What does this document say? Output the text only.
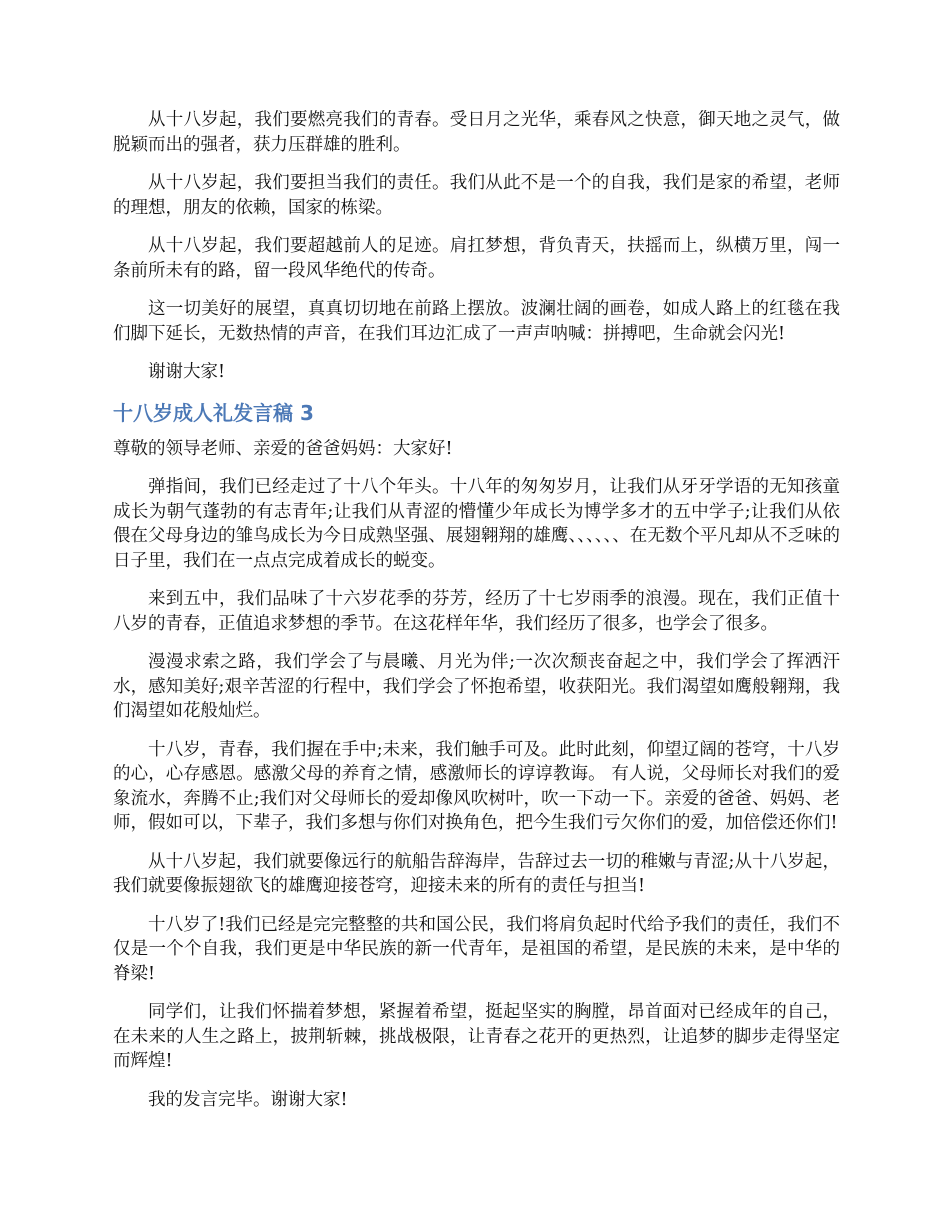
从十八岁起，我们要燃亮我们的青春。受日月之光华，乘春风之快意，御天地之灵气，做脱颖而出的强者，获力压群雄的胜利。

从十八岁起，我们要担当我们的责任。我们从此不是一个的自我，我们是家的希望，老师的理想，朋友的依赖，国家的栋梁。

从十八岁起，我们要超越前人的足迹。肩扛梦想，背负青天，扶摇而上，纵横万里，闯一条前所未有的路，留一段风华绝代的传奇。

这一切美好的展望，真真切切地在前路上摆放。波澜壮阔的画卷，如成人路上的红毯在我们脚下延长，无数热情的声音，在我们耳边汇成了一声声呐喊：拼搏吧，生命就会闪光!

谢谢大家!

十八岁成人礼发言稿 3

尊敬的领导老师、亲爱的爸爸妈妈：大家好!

弹指间，我们已经走过了十八个年头。十八年的匆匆岁月，让我们从牙牙学语的无知孩童成长为朝气蓬勃的有志青年;让我们从青涩的懵懂少年成长为博学多才的五中学子;让我们从依偎在父母身边的雏鸟成长为今日成熟坚强、展翅翱翔的雄鹰、、、、、、在无数个平凡却从不乏味的日子里，我们在一点点完成着成长的蜕变。

来到五中，我们品味了十六岁花季的芬芳，经历了十七岁雨季的浪漫。现在，我们正值十八岁的青春，正值追求梦想的季节。在这花样年华，我们经历了很多，也学会了很多。

漫漫求索之路，我们学会了与晨曦、月光为伴;一次次颓丧奋起之中，我们学会了挥洒汗水，感知美好;艰辛苦涩的行程中，我们学会了怀抱希望，收获阳光。我们渴望如鹰般翱翔，我们渴望如花般灿烂。

十八岁，青春，我们握在手中;未来，我们触手可及。此时此刻，仰望辽阔的苍穹，十八岁的心，心存感恩。感激父母的养育之情，感激师长的谆谆教诲。 有人说，父母师长对我们的爱象流水，奔腾不止;我们对父母师长的爱却像风吹树叶，吹一下动一下。亲爱的爸爸、妈妈、老师，假如可以，下辈子，我们多想与你们对换角色，把今生我们亏欠你们的爱，加倍偿还你们!

从十八岁起，我们就要像远行的航船告辞海岸，告辞过去一切的稚嫩与青涩;从十八岁起，我们就要像振翅欲飞的雄鹰迎接苍穹，迎接未来的所有的责任与担当!

十八岁了!我们已经是完完整整的共和国公民，我们将肩负起时代给予我们的责任，我们不仅是一个个自我，我们更是中华民族的新一代青年，是祖国的希望，是民族的未来，是中华的脊梁!

同学们，让我们怀揣着梦想，紧握着希望，挺起坚实的胸膛，昂首面对已经成年的自己，在未来的人生之路上，披荆斩棘，挑战极限，让青春之花开的更热烈，让追梦的脚步走得坚定而辉煌!

我的发言完毕。谢谢大家!
